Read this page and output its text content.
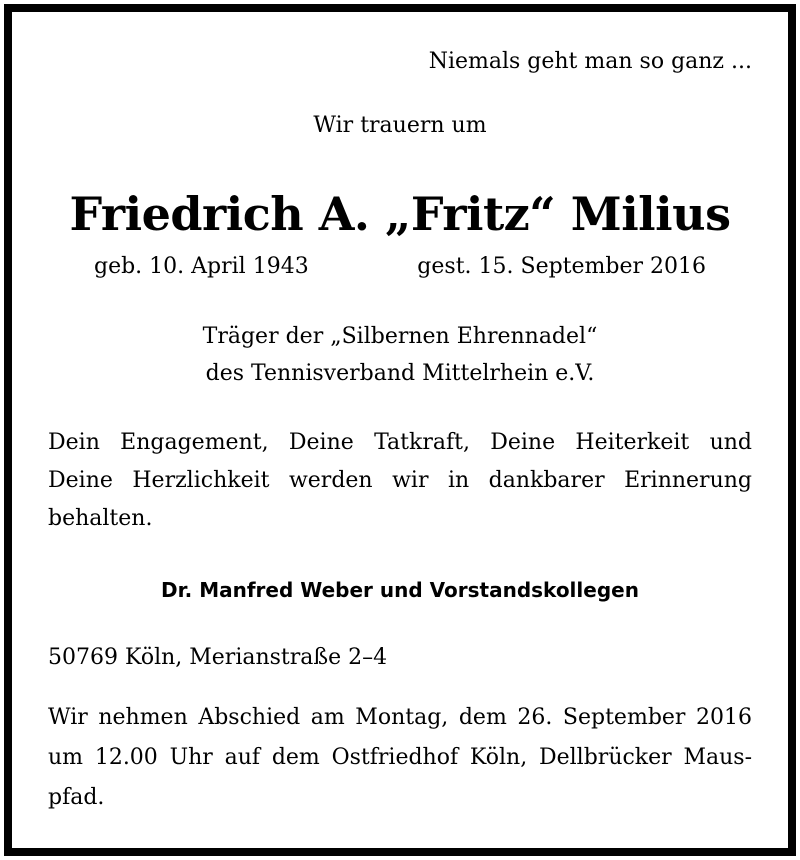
Niemals geht man so ganz ...
Wir trauern um
Friedrich A. „Fritz“ Milius
geb. 10. April 1943	gest. 15. September 2016
Träger der „Silbernen Ehrennadel“
des Tennisverband Mittelrhein e.V.
Dein Engagement, Deine Tatkraft, Deine Heiterkeit und
Deine Herzlichkeit werden wir in dankbarer Erinnerung
behalten.
Dr. Manfred Weber und Vorstandskollegen
50769 Köln, Merianstraße 2–4
Wir nehmen Abschied am Montag, dem 26. September 2016
um 12.00 Uhr auf dem Ostfriedhof Köln, Dellbrücker Maus-
pfad.
